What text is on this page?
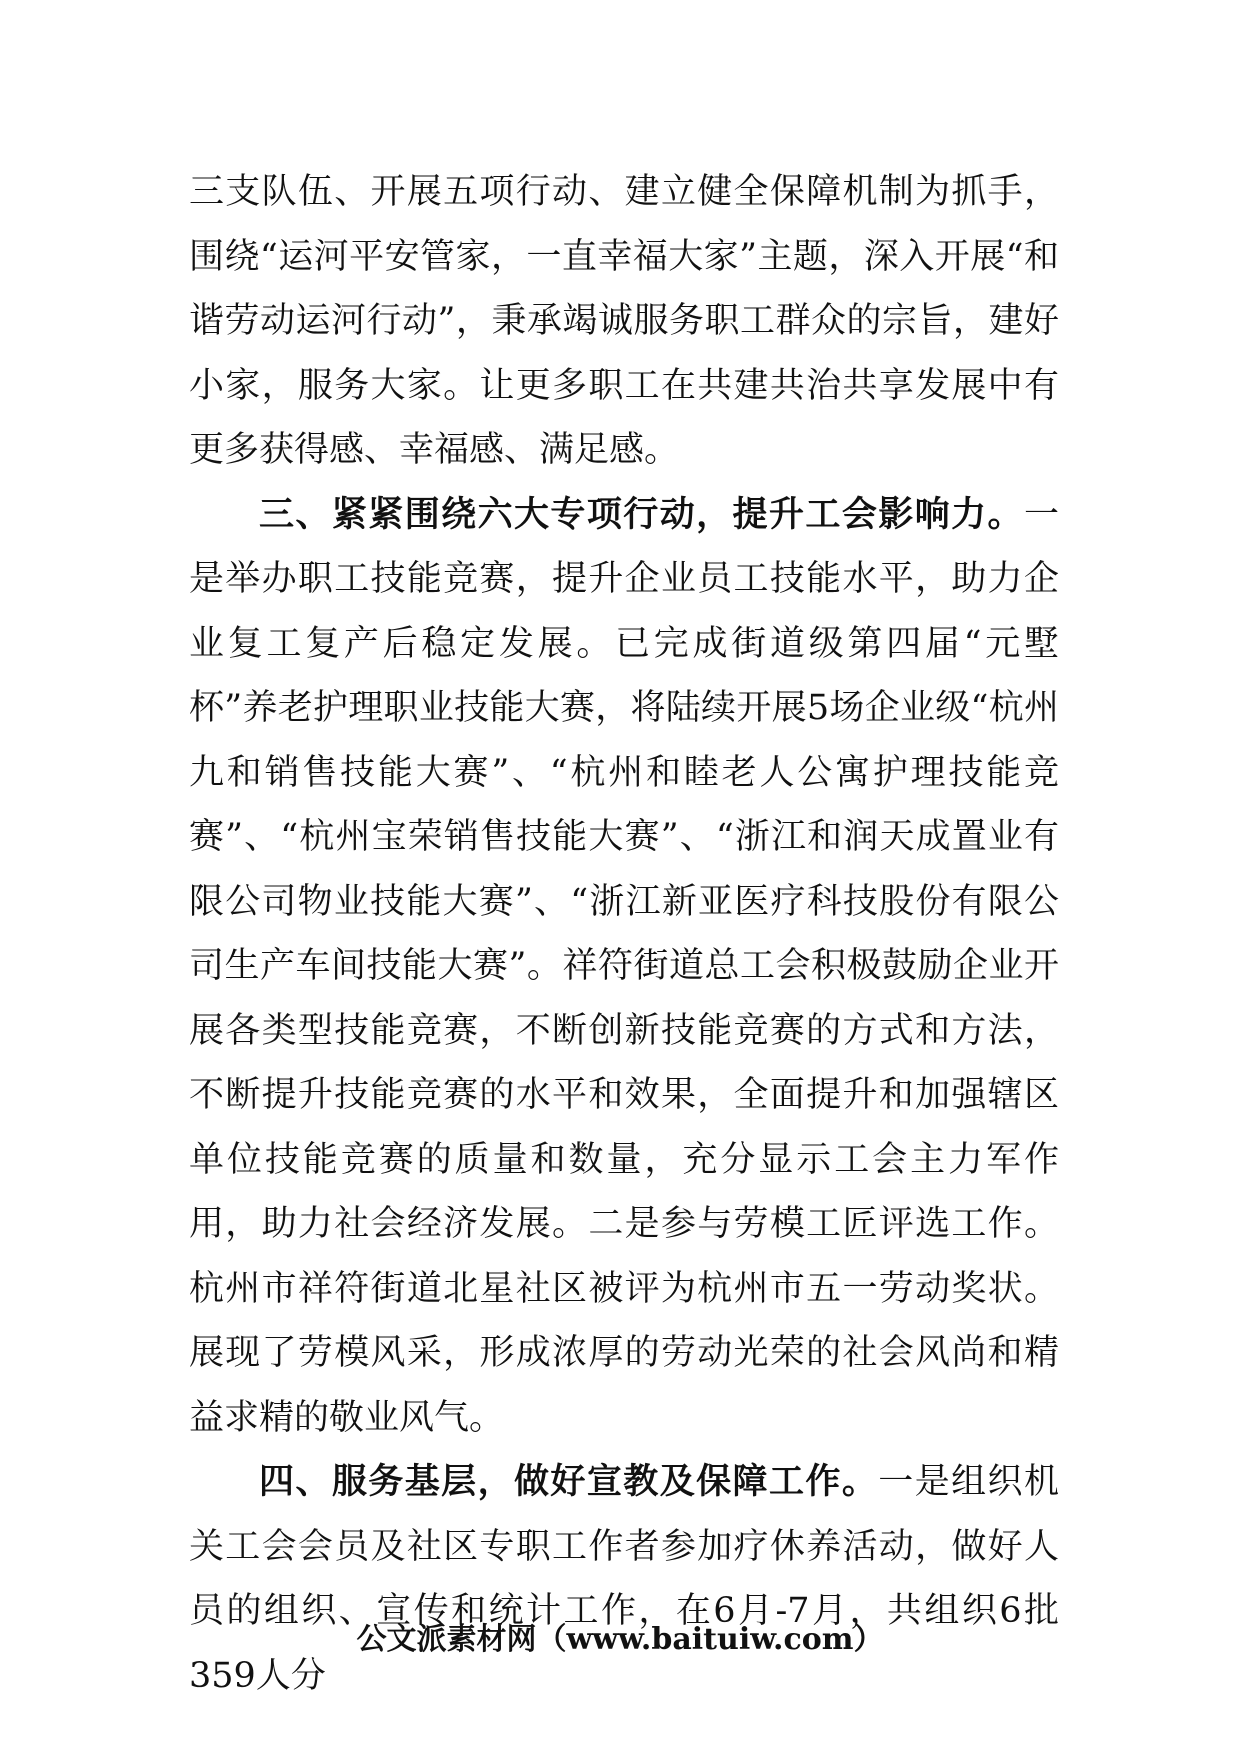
三支队伍、开展五项行动、建立健全保障机制为抓手，围绕“运河平安管家，一直幸福大家”主题，深入开展“和谐劳动运河行动”，秉承竭诚服务职工群众的宗旨，建好小家，服务大家。让更多职工在共建共治共享发展中有更多获得感、幸福感、满足感。

三、紧紧围绕六大专项行动，提升工会影响力。一是举办职工技能竞赛，提升企业员工技能水平，助力企业复工复产后稳定发展。已完成街道级第四届“元墅杯”养老护理职业技能大赛，将陆续开展5场企业级“杭州九和销售技能大赛”、“杭州和睦老人公寓护理技能竞赛”、“杭州宝荣销售技能大赛”、“浙江和润天成置业有限公司物业技能大赛”、“浙江新亚医疗科技股份有限公司生产车间技能大赛”。祥符街道总工会积极鼓励企业开展各类型技能竞赛，不断创新技能竞赛的方式和方法，不断提升技能竞赛的水平和效果，全面提升和加强辖区单位技能竞赛的质量和数量，充分显示工会主力军作用，助力社会经济发展。二是参与劳模工匠评选工作。杭州市祥符街道北星社区被评为杭州市五一劳动奖状。展现了劳模风采，形成浓厚的劳动光荣的社会风尚和精益求精的敬业风气。

四、服务基层，做好宣教及保障工作。一是组织机关工会会员及社区专职工作者参加疗休养活动，做好人员的组织、宣传和统计工作，在6月-7月，共组织6批359人分

公文派素材网（www.baituiw.com）
